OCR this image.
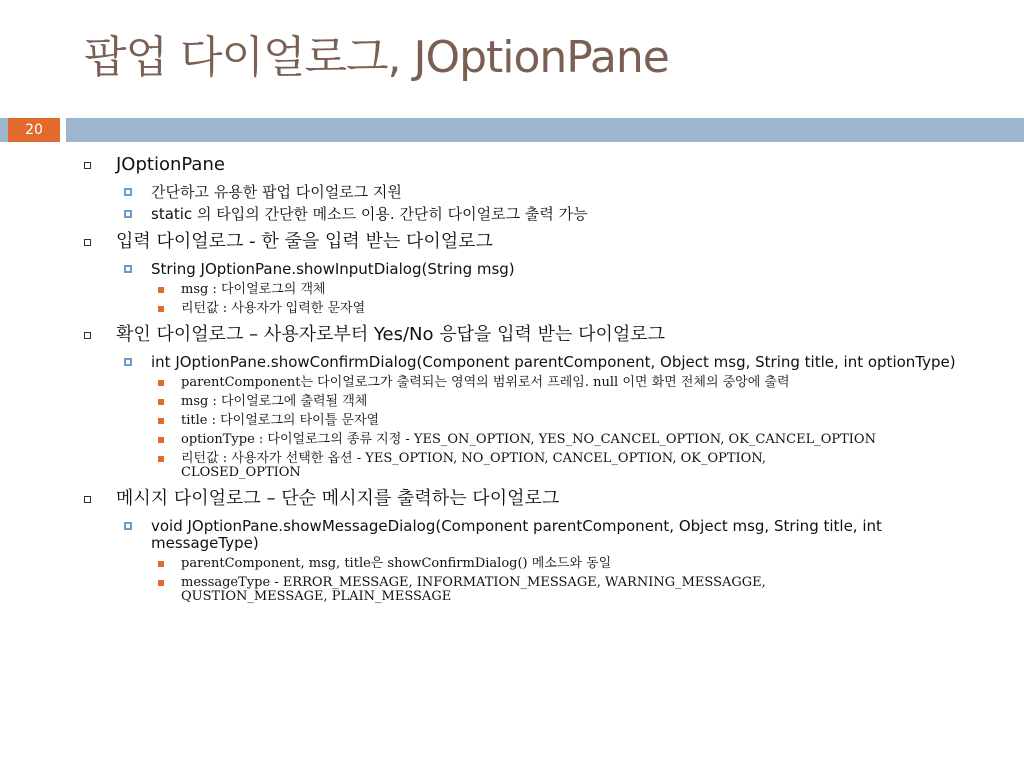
팝업 다이얼로그, JOptionPane
20
JOptionPane
간단하고 유용한 팝업 다이얼로그 지원
static 의 타입의 간단한 메소드 이용. 간단히 다이얼로그 출력 가능
입력 다이얼로그 - 한 줄을 입력 받는 다이얼로그
String JOptionPane.showInputDialog(String msg)
msg : 다이얼로그의 객체
리턴값 : 사용자가 입력한 문자열
확인 다이얼로그 – 사용자로부터 Yes/No 응답을 입력 받는 다이얼로그
int JOptionPane.showConfirmDialog(Component parentComponent, Object msg, String title, int optionType)
parentComponent는 다이얼로그가 출력되는 영역의 범위로서 프레임. null 이면 화면 전체의 중앙에 출력
msg : 다이얼로그에 출력될 객체
title : 다이얼로그의 타이틀 문자열
optionType : 다이얼로그의 종류 지정 - YES_ON_OPTION, YES_NO_CANCEL_OPTION, OK_CANCEL_OPTION
리턴값 : 사용자가 선택한 옵션 - YES_OPTION, NO_OPTION, CANCEL_OPTION, OK_OPTION, CLOSED_OPTION
메시지 다이얼로그 – 단순 메시지를 출력하는 다이얼로그
void JOptionPane.showMessageDialog(Component parentComponent, Object msg, String title, int messageType)
parentComponent, msg, title은 showConfirmDialog() 메소드와 동일
messageType - ERROR_MESSAGE, INFORMATION_MESSAGE, WARNING_MESSAGGE, QUSTION_MESSAGE, PLAIN_MESSAGE
